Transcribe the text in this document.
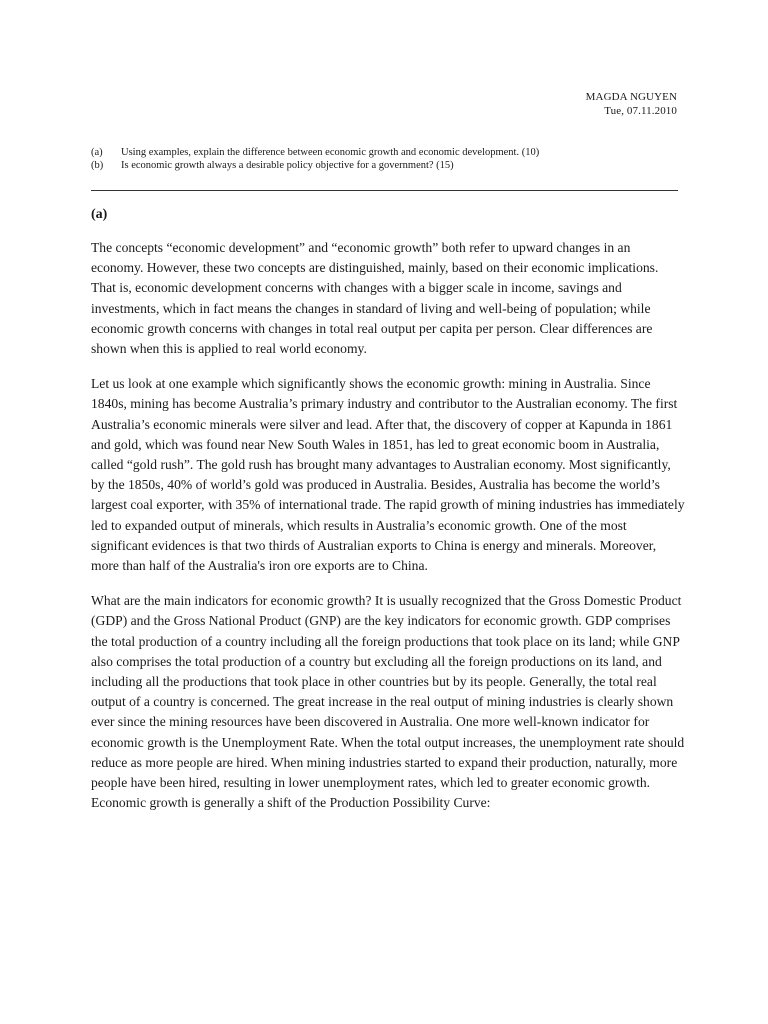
MAGDA NGUYEN
Tue, 07.11.2010
(a)	Using examples, explain the difference between economic growth and economic development. (10)
(b)	Is economic growth always a desirable policy objective for a government? (15)
(a)

The concepts “economic development” and “economic growth” both refer to upward changes in an economy. However, these two concepts are distinguished, mainly, based on their economic implications. That is, economic development concerns with changes with a bigger scale in income, savings and investments, which in fact means the changes in standard of living and well-being of population; while economic growth concerns with changes in total real output per capita per person. Clear differences are shown when this is applied to real world economy.

Let us look at one example which significantly shows the economic growth: mining in Australia. Since 1840s, mining has become Australia’s primary industry and contributor to the Australian economy. The first Australia’s economic minerals were silver and lead. After that, the discovery of copper at Kapunda in 1861 and gold, which was found near New South Wales in 1851, has led to great economic boom in Australia, called “gold rush”. The gold rush has brought many advantages to Australian economy. Most significantly, by the 1850s, 40% of world’s gold was produced in Australia. Besides, Australia has become the world’s largest coal exporter, with 35% of international trade. The rapid growth of mining industries has immediately led to expanded output of minerals, which results in Australia’s economic growth. One of the most significant evidences is that two thirds of Australian exports to China is energy and minerals. Moreover, more than half of the Australia's iron ore exports are to China.

What are the main indicators for economic growth? It is usually recognized that the Gross Domestic Product (GDP) and the Gross National Product (GNP) are the key indicators for economic growth. GDP comprises the total production of a country including all the foreign productions that took place on its land; while GNP also comprises the total production of a country but excluding all the foreign productions on its land, and including all the productions that took place in other countries but by its people. Generally, the total real output of a country is concerned. The great increase in the real output of mining industries is clearly shown ever since the mining resources have been discovered in Australia. One more well-known indicator for economic growth is the Unemployment Rate. When the total output increases, the unemployment rate should reduce as more people are hired. When mining industries started to expand their production, naturally, more people have been hired, resulting in lower unemployment rates, which led to greater economic growth. Economic growth is generally a shift of the Production Possibility Curve:
